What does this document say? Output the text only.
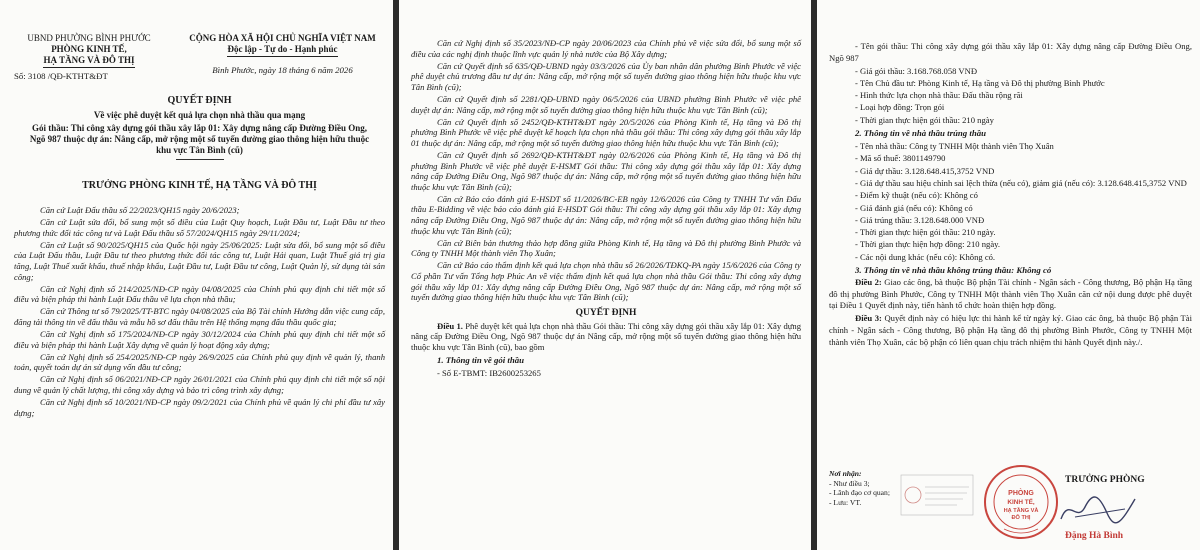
UBND PHƯỜNG BÌNH PHƯỚC
PHÒNG KINH TẾ,
HẠ TẦNG VÀ ĐÔ THỊ
Số: 3108 /QĐ-KTHT&ĐT
CỘNG HÒA XÃ HỘI CHỦ NGHĨA VIỆT NAM
Độc lập - Tự do - Hạnh phúc
Bình Phước, ngày 18 tháng 6 năm 2026
QUYẾT ĐỊNH
Về việc phê duyệt kết quả lựa chọn nhà thầu qua mạng
Gói thầu: Thi công xây dựng gói thầu xây lắp 01: Xây dựng nâng cấp Đường Điều Ong, Ngõ 987 thuộc dự án: Nâng cấp, mở rộng một số tuyến đường giao thông hiện hữu thuộc khu vực Tân Bình (cũ)
TRƯỞNG PHÒNG KINH TẾ, HẠ TẦNG VÀ ĐÔ THỊ

Căn cứ Luật Đấu thầu số 22/2023/QH15 ngày 20/6/2023;

Căn cứ Luật sửa đổi, bổ sung một số điều của Luật Quy hoạch, Luật Đầu tư, Luật Đầu tư theo phương thức đối tác công tư và Luật Đấu thầu số 57/2024/QH15 ngày 29/11/2024;

Căn cứ Luật số 90/2025/QH15 của Quốc hội ngày 25/06/2025: Luật sửa đổi, bổ sung một số điều của Luật Đấu thầu, Luật Đầu tư theo phương thức đối tác công tư, Luật Hải quan, Luật Thuế giá trị gia tăng, Luật Thuế xuất khẩu, thuế nhập khẩu, Luật Đầu tư, Luật Đầu tư công, Luật Quản lý, sử dụng tài sản công;

Căn cứ Nghị định số 214/2025/NĐ-CP ngày 04/08/2025 của Chính phủ quy định chi tiết một số điều và biện pháp thi hành Luật Đấu thầu về lựa chọn nhà thầu;

Căn cứ Thông tư số 79/2025/TT-BTC ngày 04/08/2025 của Bộ Tài chính Hướng dẫn việc cung cấp, đăng tải thông tin về đấu thầu và mẫu hồ sơ đấu thầu trên Hệ thống mạng đấu thầu quốc gia;

Căn cứ Nghị định số 175/2024/NĐ-CP ngày 30/12/2024 của Chính phủ quy định chi tiết một số điều và biện pháp thi hành Luật Xây dựng về quản lý hoạt động xây dựng;

Căn cứ Nghị định số 254/2025/NĐ-CP ngày 26/9/2025 của Chính phủ quy định về quản lý, thanh toán, quyết toán dự án sử dụng vốn đầu tư công;

Căn cứ Nghị định số 06/2021/NĐ-CP ngày 26/01/2021 của Chính phủ quy định chi tiết một số nội dung về quản lý chất lượng, thi công xây dựng và bảo trì công trình xây dựng;

Căn cứ Nghị định số 10/2021/NĐ-CP ngày 09/2/2021 của Chính phủ về quản lý chi phí đầu tư xây dựng;

Căn cứ Nghị định số 35/2023/NĐ-CP ngày 20/06/2023 của Chính phủ về việc sửa đổi, bổ sung một số điều của các nghị định thuộc lĩnh vực quản lý nhà nước của Bộ Xây dựng;

Căn cứ Quyết định số 635/QĐ-UBND ngày 03/3/2026 của Ủy ban nhân dân phường Bình Phước về việc phê duyệt chủ trương đầu tư dự án: Nâng cấp, mở rộng một số tuyến đường giao thông hiện hữu thuộc khu vực Tân Bình (cũ);

Căn cứ Quyết định số 2281/QĐ-UBND ngày 06/5/2026 của UBND phường Bình Phước về việc phê duyệt dự án: Nâng cấp, mở rộng một số tuyến đường giao thông hiện hữu thuộc khu vực Tân Bình (cũ);

Căn cứ Quyết định số 2452/QĐ-KTHT&ĐT ngày 20/5/2026 của Phòng Kinh tế, Hạ tầng và Đô thị phường Bình Phước về việc phê duyệt kế hoạch lựa chọn nhà thầu gói thầu: Thi công xây dựng gói thầu xây lắp 01 thuộc dự án: Nâng cấp, mở rộng một số tuyến đường giao thông hiện hữu thuộc khu vực Tân Bình (cũ);

Căn cứ Quyết định số 2692/QĐ-KTHT&ĐT ngày 02/6/2026 của Phòng Kinh tế, Hạ tầng và Đô thị phường Bình Phước về việc phê duyệt E-HSMT Gói thầu: Thi công xây dựng gói thầu xây lắp 01: Xây dựng nâng cấp Đường Điều Ong, Ngõ 987 thuộc dự án: Nâng cấp, mở rộng một số tuyến đường giao thông hiện hữu thuộc khu vực Tân Bình (cũ);

Căn cứ Báo cáo đánh giá E-HSDT số 11/2026/BC-EB ngày 12/6/2026 của Công ty TNHH Tư vấn Đấu thầu E-Bidding về việc báo cáo đánh giá E-HSDT Gói thầu: Thi công xây dựng gói thầu xây lắp 01: Xây dựng nâng cấp Đường Điều Ong, Ngõ 987 thuộc dự án: Nâng cấp, mở rộng một số tuyến đường giao thông hiện hữu thuộc khu vực Tân Bình (cũ);

Căn cứ Biên bản thương thảo hợp đồng giữa Phòng Kinh tế, Hạ tầng và Đô thị phường Bình Phước và Công ty TNHH Một thành viên Thọ Xuân;

Căn cứ Báo cáo thẩm định kết quả lựa chọn nhà thầu số 26/2026/TĐKQ-PA ngày 15/6/2026 của Công ty Cổ phần Tư vấn Tổng hợp Phúc An về việc thẩm định kết quả lựa chọn nhà thầu Gói thầu: Thi công xây dựng gói thầu xây lắp 01: Xây dựng nâng cấp Đường Điều Ong, Ngõ 987 thuộc dự án: Nâng cấp, mở rộng một số tuyến đường giao thông hiện hữu thuộc khu vực Tân Bình (cũ);

QUYẾT ĐỊNH

Điều 1. Phê duyệt kết quả lựa chọn nhà thầu Gói thầu: Thi công xây dựng gói thầu xây lắp 01: Xây dựng nâng cấp Đường Điều Ong, Ngõ 987 thuộc dự án Nâng cấp, mở rộng một số tuyến đường giao thông hiện hữu thuộc khu vực Tân Bình (cũ), bao gồm

1. Thông tin về gói thầu
- Số E-TBMT: IB2600253265

- Tên gói thầu: Thi công xây dựng gói thầu xây lắp 01: Xây dựng nâng cấp Đường Điều Ong, Ngõ 987

- Giá gói thầu: 3.168.768.058 VNĐ

- Tên Chủ đầu tư: Phòng Kinh tế, Hạ tầng và Đô thị phường Bình Phước

- Hình thức lựa chọn nhà thầu: Đấu thầu rộng rãi

- Loại hợp đồng: Trọn gói

- Thời gian thực hiện gói thầu: 210 ngày

2. Thông tin về nhà thầu trúng thầu

- Tên nhà thầu: Công ty TNHH Một thành viên Thọ Xuân

- Mã số thuế: 3801149790

- Giá dự thầu: 3.128.648.415,3752 VND

- Giá dự thầu sau hiệu chỉnh sai lệch thừa (nếu có), giảm giá (nếu có): 3.128.648.415,3752 VND

- Điểm kỹ thuật (nếu có): Không có

- Giá đánh giá (nếu có): Không có

- Giá trúng thầu: 3.128.648.000 VNĐ

- Thời gian thực hiện gói thầu: 210 ngày.

- Thời gian thực hiện hợp đồng: 210 ngày.

- Các nội dung khác (nếu có): Không có.

3. Thông tin về nhà thầu không trúng thầu: Không có

Điều 2: Giao các ông, bà thuộc Bộ phận Tài chính - Ngân sách - Công thương, Bộ phận Hạ tầng đô thị phường Bình Phước, Công ty TNHH Một thành viên Thọ Xuân căn cứ nội dung được phê duyệt tại Điều 1 Quyết định này, tiến hành tổ chức hoàn thiện hợp đồng.

Điều 3: Quyết định này có hiệu lực thi hành kể từ ngày ký. Giao các ông, bà thuộc Bộ phận Tài chính - Ngân sách - Công thương, Bộ phận Hạ tầng đô thị phường Bình Phước, Công ty TNHH Một thành viên Thọ Xuân, các bộ phận có liên quan chịu trách nhiệm thi hành Quyết định này./.

Nơi nhận:
- Như điều 3;
- Lãnh đạo cơ quan;
- Lưu: VT.
PHÒNG
KINH TẾ,
HẠ TẦNG VÀ
ĐÔ THỊ
TRƯỞNG PHÒNG
Đặng Hà Bình
